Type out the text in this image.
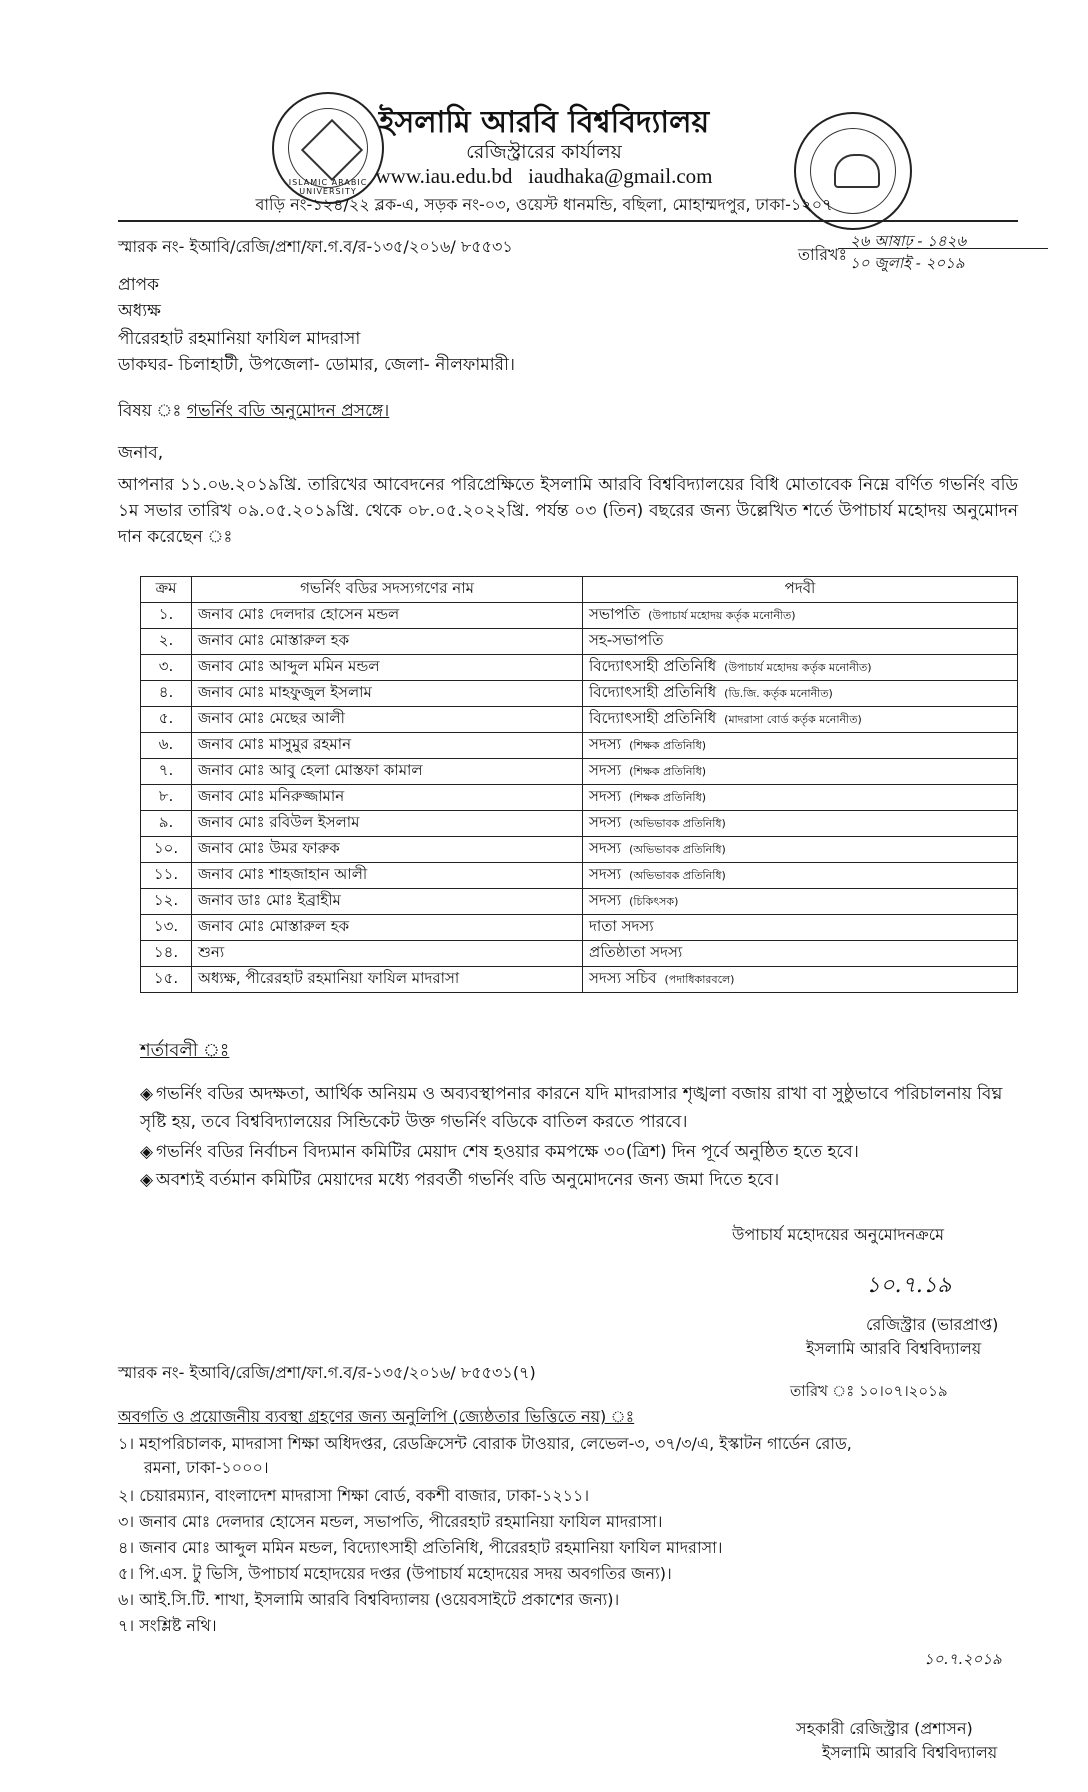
ISLAMIC ARABIC UNIVERSITY
ইসলামি আরবি বিশ্ববিদ্যালয়
রেজিস্ট্রারের কার্যালয়
www.iau.edu.bd iaudhaka@gmail.com
বাড়ি নং-১২৪/২২ ব্লক-এ, সড়ক নং-০৩, ওয়েস্ট ধানমন্ডি, বছিলা, মোহাম্মদপুর, ঢাকা-১২০৭
স্মারক নং- ইআবি/রেজি/প্রশা/ফা.গ.ব/র-১৩৫/২০১৬/ ৮৫৫৩১	তারিখঃ
২৬ আষাঢ় - ১৪২৬
১০ জুলাই - ২০১৯
প্রাপক
অধ্যক্ষ
পীরেরহাট রহমানিয়া ফাযিল মাদরাসা
ডাকঘর- চিলাহাটী, উপজেলা- ডোমার, জেলা- নীলফামারী।
বিষয় ঃ গভর্নিং বডি অনুমোদন প্রসঙ্গে।
জনাব,
আপনার ১১.০৬.২০১৯খ্রি. তারিখের আবেদনের পরিপ্রেক্ষিতে ইসলামি আরবি বিশ্ববিদ্যালয়ের বিধি মোতাবেক নিম্নে বর্ণিত গভর্নিং বডি ১ম সভার তারিখ ০৯.০৫.২০১৯খ্রি. থেকে ০৮.০৫.২০২২খ্রি. পর্যন্ত ০৩ (তিন) বছরের জন্য উল্লেখিত শর্তে উপাচার্য মহোদয় অনুমোদন দান করেছেন ঃ
ক্রম	গভর্নিং বডির সদস্যগণের নাম	পদবী
১.	জনাব মোঃ দেলদার হোসেন মন্ডল	সভাপতি (উপাচার্য মহোদয় কর্তৃক মনোনীত)
২.	জনাব মোঃ মোস্তারুল হক	সহ-সভাপতি
৩.	জনাব মোঃ আব্দুল মমিন মন্ডল	বিদ্যোৎসাহী প্রতিনিধি (উপাচার্য মহোদয় কর্তৃক মনোনীত)
৪.	জনাব মোঃ মাহফুজুল ইসলাম	বিদ্যোৎসাহী প্রতিনিধি (ডি.জি. কর্তৃক মনোনীত)
৫.	জনাব মোঃ মেছের আলী	বিদ্যোৎসাহী প্রতিনিধি (মাদরাসা বোর্ড কর্তৃক মনোনীত)
৬.	জনাব মোঃ মাসুমুর রহমান	সদস্য (শিক্ষক প্রতিনিধি)
৭.	জনাব মোঃ আবু হেলা মোস্তফা কামাল	সদস্য (শিক্ষক প্রতিনিধি)
৮.	জনাব মোঃ মনিরুজ্জামান	সদস্য (শিক্ষক প্রতিনিধি)
৯.	জনাব মোঃ রবিউল ইসলাম	সদস্য (অভিভাবক প্রতিনিধি)
১০.	জনাব মোঃ উমর ফারুক	সদস্য (অভিভাবক প্রতিনিধি)
১১.	জনাব মোঃ শাহজাহান আলী	সদস্য (অভিভাবক প্রতিনিধি)
১২.	জনাব ডাঃ মোঃ ইব্রাহীম	সদস্য (চিকিৎসক)
১৩.	জনাব মোঃ মোস্তারুল হক	দাতা সদস্য
১৪.	শুন্য	প্রতিষ্ঠাতা সদস্য
১৫.	অধ্যক্ষ, পীরেরহাট রহমানিয়া ফাযিল মাদরাসা	সদস্য সচিব (পদাধিকারবলে)
শর্তাবলী ঃ
◈ গভর্নিং বডির অদক্ষতা, আর্থিক অনিয়ম ও অব্যবস্থাপনার কারনে যদি মাদরাসার শৃঙ্খলা বজায় রাখা বা সুষ্ঠুভাবে পরিচালনায় বিঘ্ন সৃষ্টি হয়, তবে বিশ্ববিদ্যালয়ের সিন্ডিকেট উক্ত গভর্নিং বডিকে বাতিল করতে পারবে।
◈ গভর্নিং বডির নির্বাচন বিদ্যমান কমিটির মেয়াদ শেষ হওয়ার কমপক্ষে ৩০(ত্রিশ) দিন পূর্বে অনুষ্ঠিত হতে হবে।
◈ অবশ্যই বর্তমান কমিটির মেয়াদের মধ্যে পরবর্তী গভর্নিং বডি অনুমোদনের জন্য জমা দিতে হবে।
উপাচার্য মহোদয়ের অনুমোদনক্রমে
১০.৭.১৯
রেজিস্ট্রার (ভারপ্রাপ্ত)
ইসলামি আরবি বিশ্ববিদ্যালয়
স্মারক নং- ইআবি/রেজি/প্রশা/ফা.গ.ব/র-১৩৫/২০১৬/ ৮৫৫৩১(৭)
তারিখ ঃ ১০।০৭।২০১৯
অবগতি ও প্রয়োজনীয় ব্যবস্থা গ্রহণের জন্য অনুলিপি (জ্যেষ্ঠতার ভিত্তিতে নয়) ঃ
১। মহাপরিচালক, মাদরাসা শিক্ষা অধিদপ্তর, রেডক্রিসেন্ট বোরাক টাওয়ার, লেভেল-৩, ৩৭/৩/এ, ইস্কাটন গার্ডেন রোড,
রমনা, ঢাকা-১০০০।
২। চেয়ারম্যান, বাংলাদেশ মাদরাসা শিক্ষা বোর্ড, বকশী বাজার, ঢাকা-১২১১।
৩। জনাব মোঃ দেলদার হোসেন মন্ডল, সভাপতি, পীরেরহাট রহমানিয়া ফাযিল মাদরাসা।
৪। জনাব মোঃ আব্দুল মমিন মন্ডল, বিদ্যোৎসাহী প্রতিনিধি, পীরেরহাট রহমানিয়া ফাযিল মাদরাসা।
৫। পি.এস. টু ভিসি, উপাচার্য মহোদয়ের দপ্তর (উপাচার্য মহোদয়ের সদয় অবগতির জন্য)।
৬। আই.সি.টি. শাখা, ইসলামি আরবি বিশ্ববিদ্যালয় (ওয়েবসাইটে প্রকাশের জন্য)।
৭। সংশ্লিষ্ট নথি।
১০.৭.২০১৯
সহকারী রেজিস্ট্রার (প্রশাসন)
ইসলামি আরবি বিশ্ববিদ্যালয়
